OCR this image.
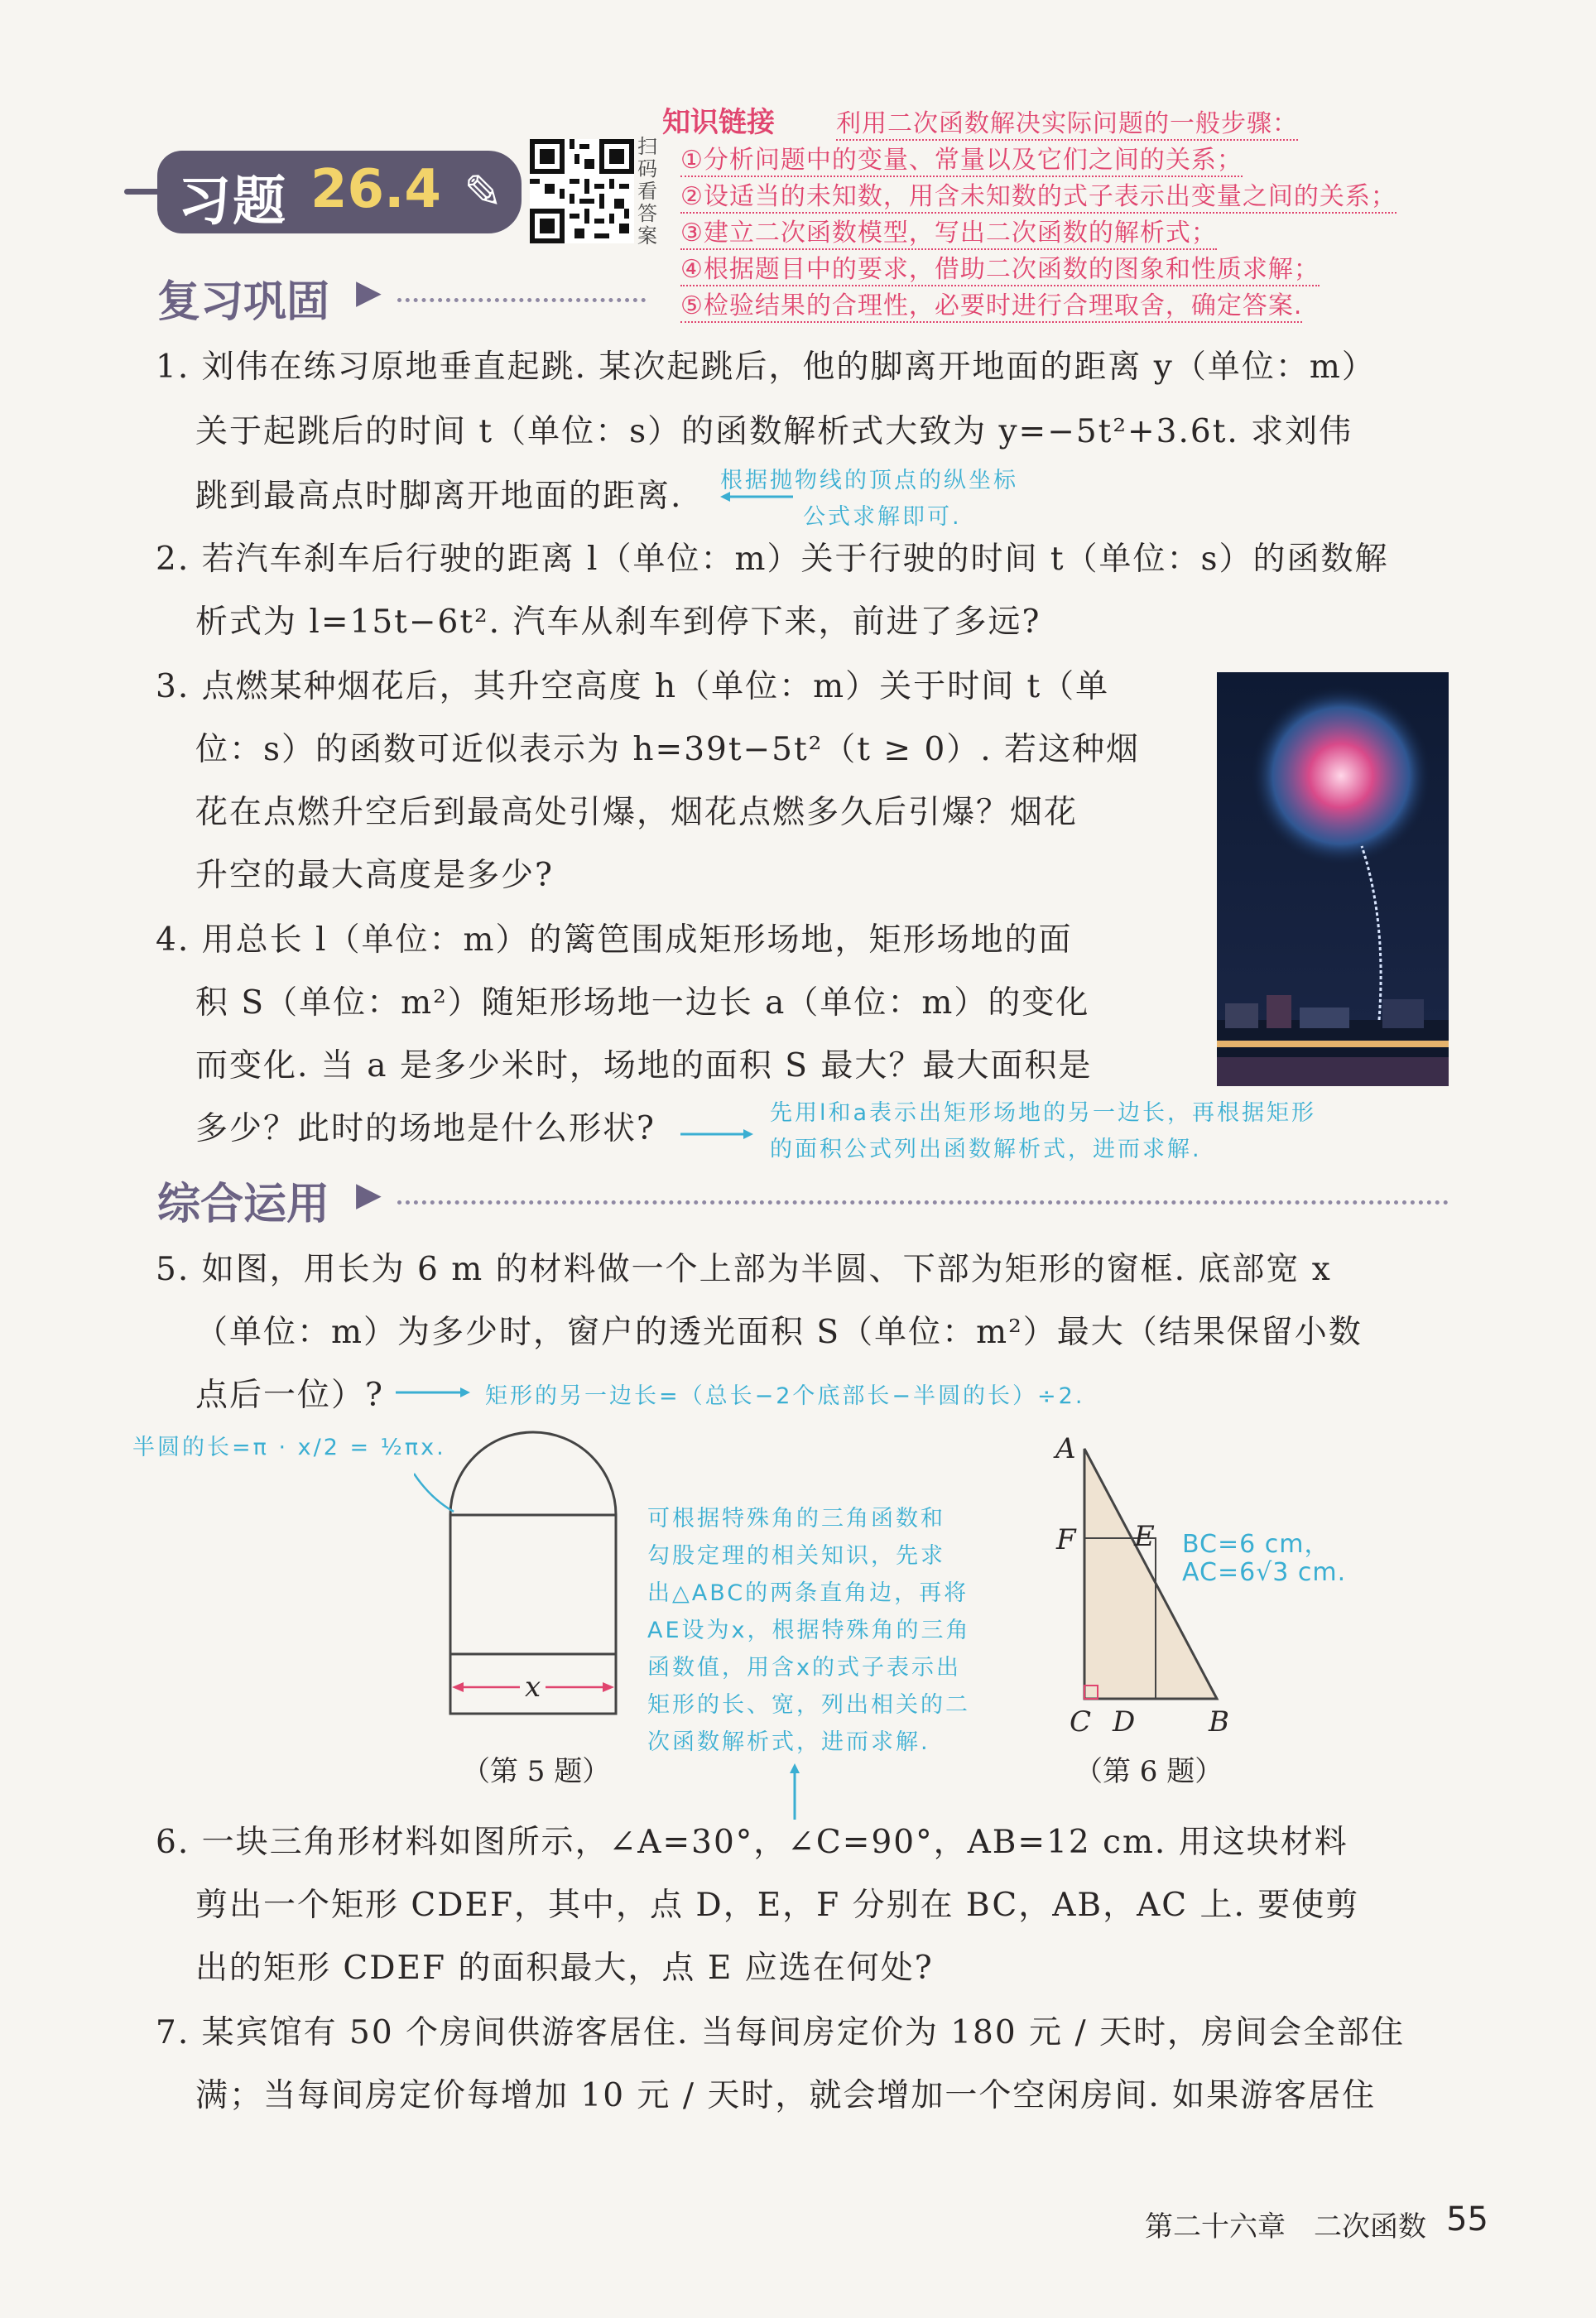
习题 26.4 ✎
扫码看答案
知识链接 利用二次函数解决实际问题的一般步骤：
①分析问题中的变量、常量以及它们之间的关系；
②设适当的未知数，用含未知数的式子表示出变量之间的关系；
③建立二次函数模型，写出二次函数的解析式；
④根据题目中的要求，借助二次函数的图象和性质求解；
⑤检验结果的合理性，必要时进行合理取舍，确定答案.
复习巩固 ▶
1. 刘伟在练习原地垂直起跳. 某次起跳后，他的脚离开地面的距离 y（单位：m）
关于起跳后的时间 t（单位：s）的函数解析式大致为 y=−5t²+3.6t. 求刘伟
跳到最高点时脚离开地面的距离. 根据抛物线的顶点的纵坐标
公式求解即可.
2. 若汽车刹车后行驶的距离 l（单位：m）关于行驶的时间 t（单位：s）的函数解
析式为 l=15t−6t². 汽车从刹车到停下来，前进了多远?
3. 点燃某种烟花后，其升空高度 h（单位：m）关于时间 t（单
位：s）的函数可近似表示为 h=39t−5t²（t ≥ 0）. 若这种烟
花在点燃升空后到最高处引爆，烟花点燃多久后引爆？烟花
升空的最大高度是多少?
4. 用总长 l（单位：m）的篱笆围成矩形场地，矩形场地的面
积 S（单位：m²）随矩形场地一边长 a（单位：m）的变化
而变化. 当 a 是多少米时，场地的面积 S 最大？最大面积是
多少？此时的场地是什么形状?	先用l和a表示出矩形场地的另一边长，再根据矩形
的面积公式列出函数解析式，进而求解.
综合运用 ▶
5. 如图，用长为 6 m 的材料做一个上部为半圆、下部为矩形的窗框. 底部宽 x
（单位：m）为多少时，窗户的透光面积 S（单位：m²）最大（结果保留小数
点后一位）?	矩形的另一边长=（总长−2个底部长−半圆的长）÷2.
半圆的长=π · x/2 = ½πx.
x
（第 5 题）
可根据特殊角的三角函数和
勾股定理的相关知识，先求
出△ABC的两条直角边，再将
AE设为x，根据特殊角的三角
函数值，用含x的式子表示出
矩形的长、宽，列出相关的二
次函数解析式，进而求解.
A
F E
C D	B
BC=6 cm，
AC=6√3 cm.
（第 6 题）
6. 一块三角形材料如图所示，∠A=30°，∠C=90°，AB=12 cm. 用这块材料
剪出一个矩形 CDEF，其中，点 D，E，F 分别在 BC，AB，AC 上. 要使剪
出的矩形 CDEF 的面积最大，点 E 应选在何处?
7. 某宾馆有 50 个房间供游客居住. 当每间房定价为 180 元 / 天时，房间会全部住
满；当每间房定价每增加 10 元 / 天时，就会增加一个空闲房间. 如果游客居住
第二十六章　二次函数 55
